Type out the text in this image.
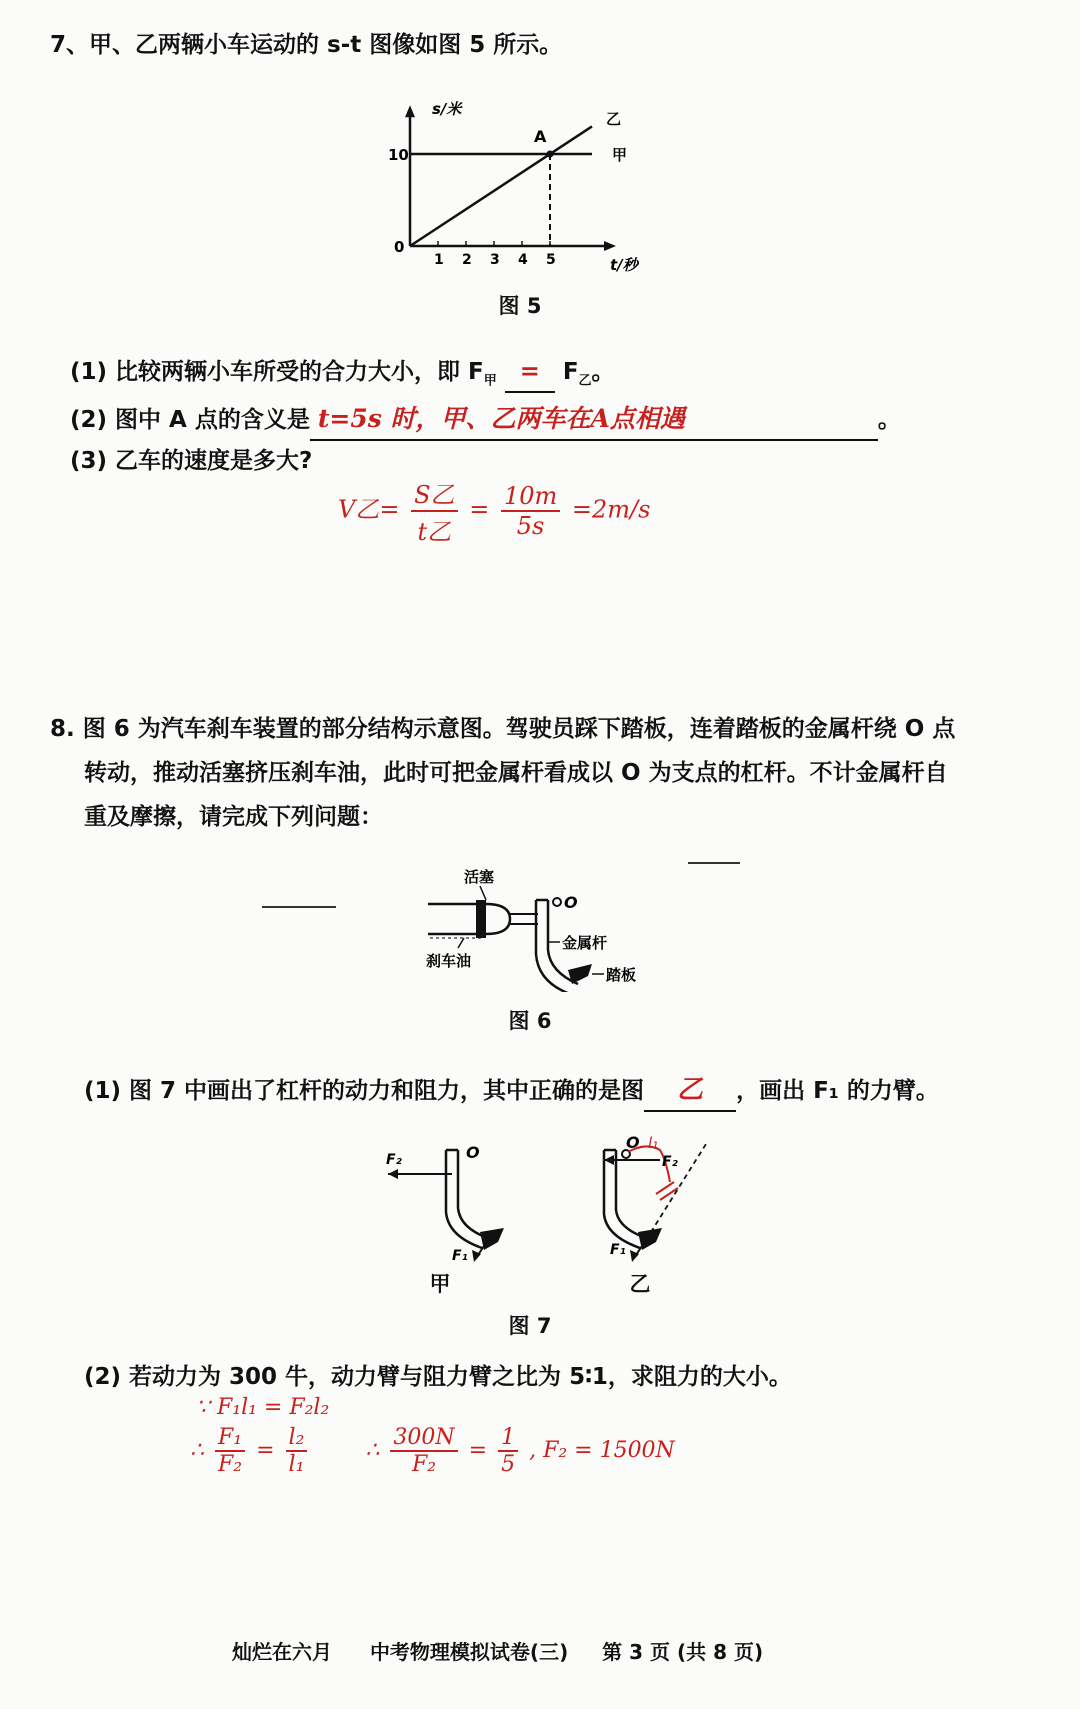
7、甲、乙两辆小车运动的 s-t 图像如图 5 所示。
s/米
t/秒
10
0
A
甲
乙
1 2 3 4 5
图 5
(1) 比较两辆小车所受的合力大小，即 $F_甲 = F_乙$。
(2) 图中 A 点的含义是 t=5s 时，甲、乙两车在A点相遇	。
(3) 乙车的速度是多大?
V乙= $\frac{\text{S乙}}{\text{t乙}} = \frac{10m}{5s} =2m/s$
8. 图 6 为汽车刹车装置的部分结构示意图。驾驶员踩下踏板，连着踏板的金属杆绕 O 点
转动，推动活塞挤压刹车油，此时可把金属杆看成以 O 为支点的杠杆。不计金属杆自
重及摩擦，请完成下列问题：
活塞
刹车油
金属杆
踏板
O
图 6
(1) 图 7 中画出了杠杆的动力和阻力，其中正确的是图 乙 ，画出 F₁ 的力臂。
F₂	O
F₁
甲
O
F₂
F₁
l₁
乙
图 7
(2) 若动力为 300 牛，动力臂与阻力臂之比为 5∶1，求阻力的大小。
∵ F₁l₁ = F₂l₂
∴ $\frac{\text{F₁}}{\text{F₂}} = \frac{\text{l₂}}{\text{l₁}}$	∴ $\frac{300N}{\text{F₂}} = \frac{1}{5}$ , F₂ = 1500N
灿烂在六月 中考物理模拟试卷(三) 第 3 页 (共 8 页)
